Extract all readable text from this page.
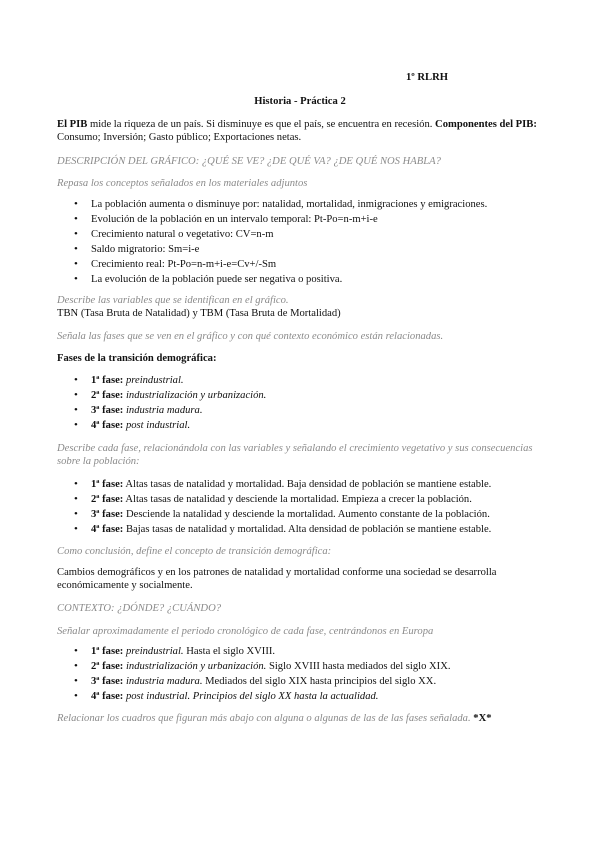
1º RLRH
Historia - Práctica 2
El PIB mide la riqueza de un país. Si disminuye es que el país, se encuentra en recesión. Componentes del PIB: Consumo; Inversión; Gasto público; Exportaciones netas.
DESCRIPCIÓN DEL GRÁFICO: ¿QUÉ SE VE? ¿DE QUÉ VA? ¿DE QUÉ NOS HABLA?
Repasa los conceptos señalados en los materiales adjuntos
• La población aumenta o disminuye por: natalidad, mortalidad, inmigraciones y emigraciones.
• Evolución de la población en un intervalo temporal: Pt-Po=n-m+i-e
• Crecimiento natural o vegetativo: CV=n-m
• Saldo migratorio: Sm=i-e
• Crecimiento real: Pt-Po=n-m+i-e=Cv+/-Sm
• La evolución de la población puede ser negativa o positiva.
Describe las variables que se identifican en el gráfico.
TBN (Tasa Bruta de Natalidad) y TBM (Tasa Bruta de Mortalidad)
Señala las fases que se ven en el gráfico y con qué contexto económico están relacionadas.
Fases de la transición demográfica:
• 1ª fase: preindustrial.
• 2ª fase: industrialización y urbanización.
• 3ª fase: industria madura.
• 4ª fase: post industrial.
Describe cada fase, relacionándola con las variables y señalando el crecimiento vegetativo y sus consecuencias sobre la población:
• 1ª fase: Altas tasas de natalidad y mortalidad. Baja densidad de población se mantiene estable.
• 2ª fase: Altas tasas de natalidad y desciende la mortalidad. Empieza a crecer la población.
• 3ª fase: Desciende la natalidad y desciende la mortalidad. Aumento constante de la población.
• 4ª fase: Bajas tasas de natalidad y mortalidad. Alta densidad de población se mantiene estable.
Como conclusión, define el concepto de transición demográfica:
Cambios demográficos y en los patrones de natalidad y mortalidad conforme una sociedad se desarrolla económicamente y socialmente.
CONTEXTO: ¿DÓNDE? ¿CUÁNDO?
Señalar aproximadamente el periodo cronológico de cada fase, centrándonos en Europa
• 1ª fase: preindustrial. Hasta el siglo XVIII.
• 2ª fase: industrialización y urbanización. Siglo XVIII hasta mediados del siglo XIX.
• 3ª fase: industria madura. Mediados del siglo XIX hasta principios del siglo XX.
• 4ª fase: post industrial. Principios del siglo XX hasta la actualidad.
Relacionar los cuadros que figuran más abajo con alguna o algunas de las de las fases señalada. *X*
